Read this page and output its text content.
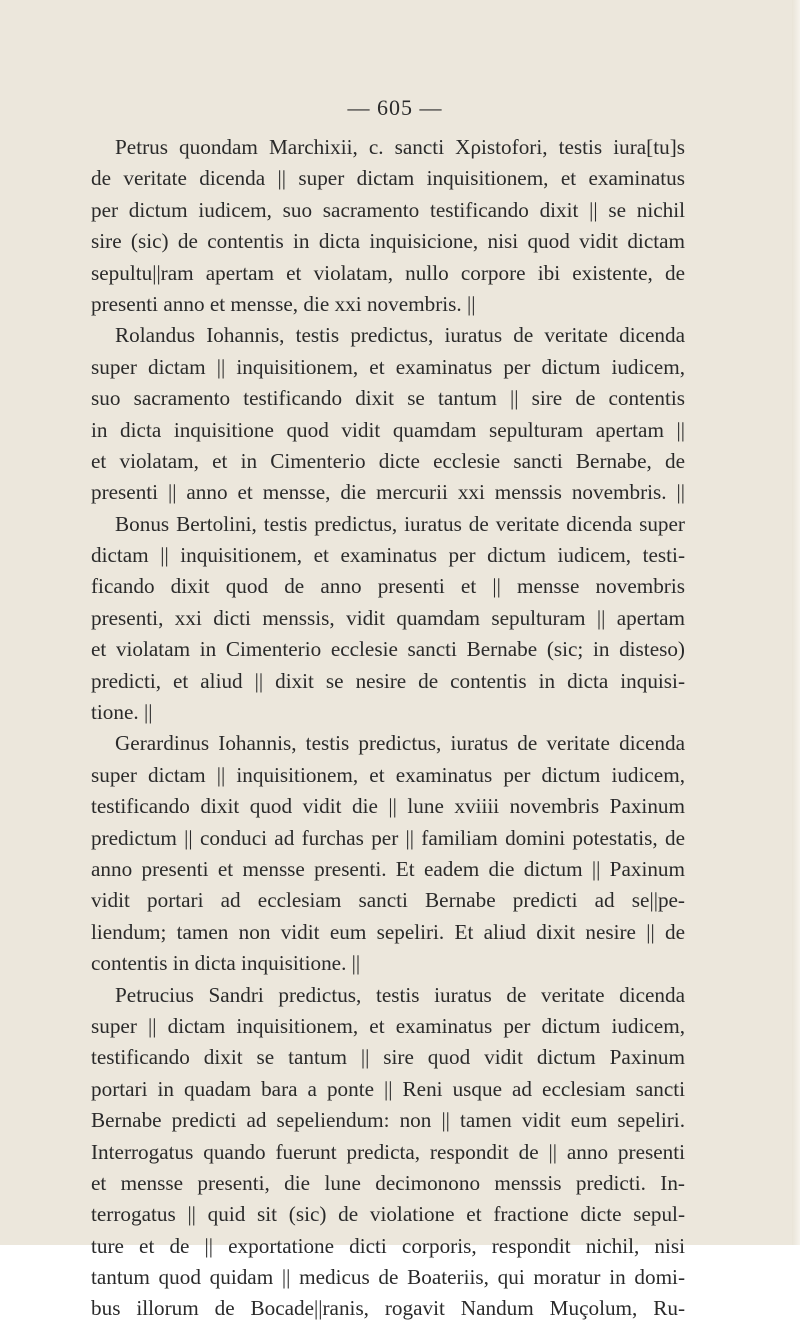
— 605 —
Petrus quondam Marchixii, c. sancti Xρistofori, testis iura[tu]s
de veritate dicenda || super dictam inquisitionem, et examinatus
per dictum iudicem, suo sacramento testificando dixit || se nichil
sire (sic) de contentis in dicta inquisicione, nisi quod vidit dictam
sepultu||ram apertam et violatam, nullo corpore ibi existente, de
presenti anno et mensse, die xxi novembris. ||
Rolandus Iohannis, testis predictus, iuratus de veritate dicenda
super dictam || inquisitionem, et examinatus per dictum iudicem,
suo sacramento testificando dixit se tantum || sire de contentis
in dicta inquisitione quod vidit quamdam sepulturam apertam ||
et violatam, et in Cimenterio dicte ecclesie sancti Bernabe, de
presenti || anno et mensse, die mercurii xxi menssis novembris. ||
Bonus Bertolini, testis predictus, iuratus de veritate dicenda super
dictam || inquisitionem, et examinatus per dictum iudicem, testi-
ficando dixit quod de anno presenti et || mensse novembris
presenti, xxi dicti menssis, vidit quamdam sepulturam || apertam
et violatam in Cimenterio ecclesie sancti Bernabe (sic; in disteso)
predicti, et aliud || dixit se nesire de contentis in dicta inquisi-
tione. ||
Gerardinus Iohannis, testis predictus, iuratus de veritate dicenda
super dictam || inquisitionem, et examinatus per dictum iudicem,
testificando dixit quod vidit die || lune xviiii novembris Paxinum
predictum || conduci ad furchas per || familiam domini potestatis, de
anno presenti et mensse presenti. Et eadem die dictum || Paxinum
vidit portari ad ecclesiam sancti Bernabe predicti ad se||pe-
liendum; tamen non vidit eum sepeliri. Et aliud dixit nesire || de
contentis in dicta inquisitione. ||
Petrucius Sandri predictus, testis iuratus de veritate dicenda
super || dictam inquisitionem, et examinatus per dictum iudicem,
testificando dixit se tantum || sire quod vidit dictum Paxinum
portari in quadam bara a ponte || Reni usque ad ecclesiam sancti
Bernabe predicti ad sepeliendum: non || tamen vidit eum sepeliri.
Interrogatus quando fuerunt predicta, respondit de || anno presenti
et mensse presenti, die lune decimonono menssis predicti. In-
terrogatus || quid sit (sic) de violatione et fractione dicte sepul-
ture et de || exportatione dicti corporis, respondit nichil, nisi
tantum quod quidam || medicus de Boateriis, qui moratur in domi-
bus illorum de Bocade||ranis, rogavit Nandum Muçolum, Ru-
